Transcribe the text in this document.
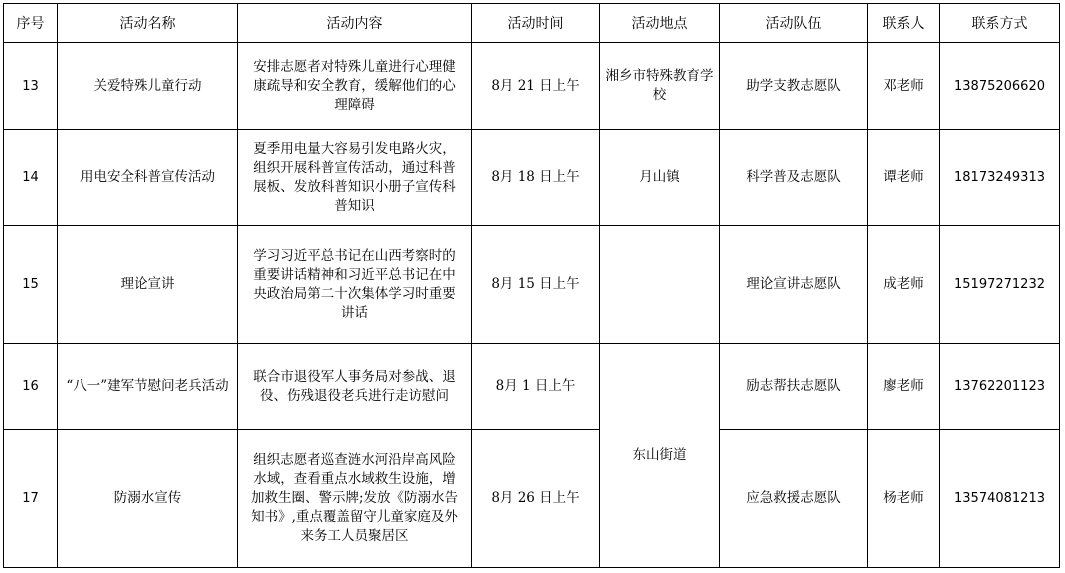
序号	活动名称	活动内容	活动时间	活动地点	活动队伍	联系人	联系方式
13	关爱特殊儿童行动	安排志愿者对特殊儿童进行心理健康疏导和安全教育，缓解他们的心理障碍	8月 21 日上午	湘乡市特殊教育学校	助学支教志愿队	邓老师	13875206620
14	用电安全科普宣传活动	夏季用电量大容易引发电路火灾，组织开展科普宣传活动，通过科普展板、发放科普知识小册子宣传科普知识	8月 18 日上午	月山镇	科学普及志愿队	谭老师	18173249313
15	理论宣讲	学习习近平总书记在山西考察时的重要讲话精神和习近平总书记在中央政治局第二十次集体学习时重要讲话	8月 15 日上午		理论宣讲志愿队	成老师	15197271232
16	“八一”建军节慰问老兵活动	联合市退役军人事务局对参战、退役、伤残退役老兵进行走访慰问	8月 1 日上午	东山街道	励志帮扶志愿队	廖老师	13762201123
17	防溺水宣传	组织志愿者巡查涟水河沿岸高风险水域，查看重点水域救生设施，增加救生圈、警示牌;发放《防溺水告知书》,重点覆盖留守儿童家庭及外来务工人员聚居区	8月 26 日上午		应急救援志愿队	杨老师	13574081213
